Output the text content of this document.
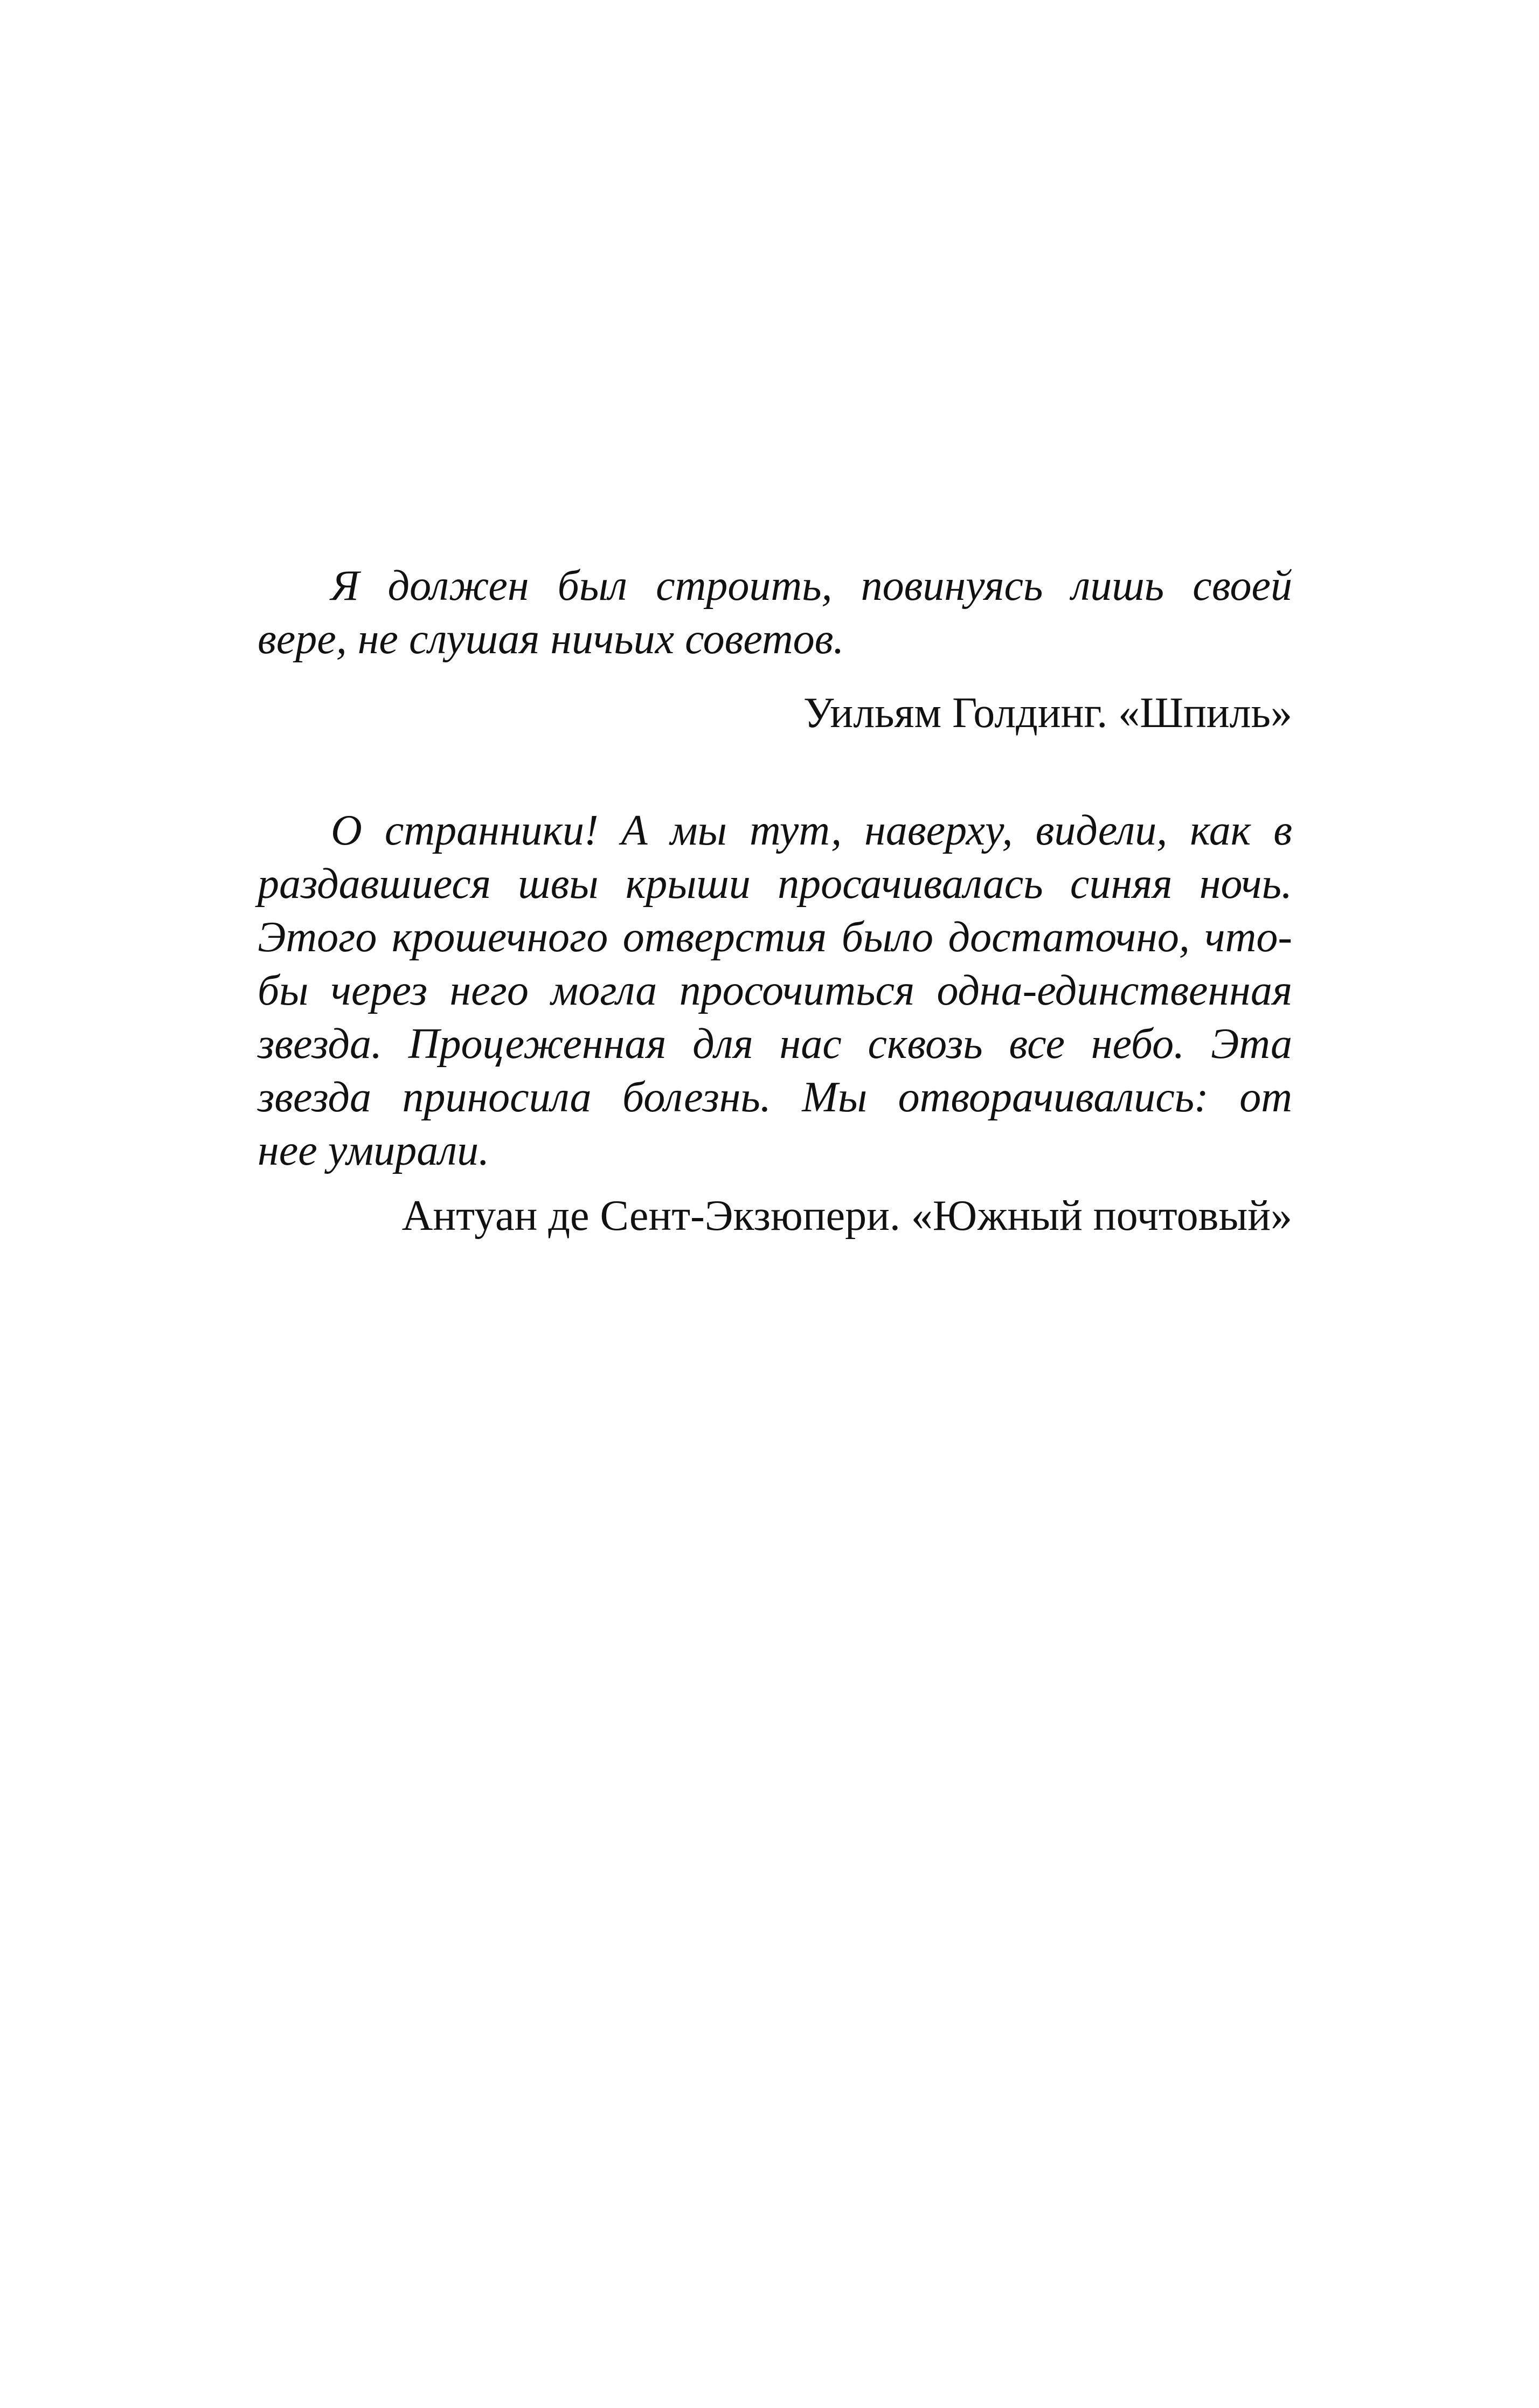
Я должен был строить, повинуясь лишь своей
вере, не слушая ничьих советов.

Уильям Голдинг. «Шпиль»

О странники! А мы тут, наверху, видели, как в
раздавшиеся швы крыши просачивалась синяя ночь.
Этого крошечного отверстия было достаточно, что-
бы через него могла просочиться одна-единственная
звезда. Процеженная для нас сквозь все небо. Эта
звезда приносила болезнь. Мы отворачивались: от
нее умирали.

Антуан де Сент-Экзюпери. «Южный почтовый»
